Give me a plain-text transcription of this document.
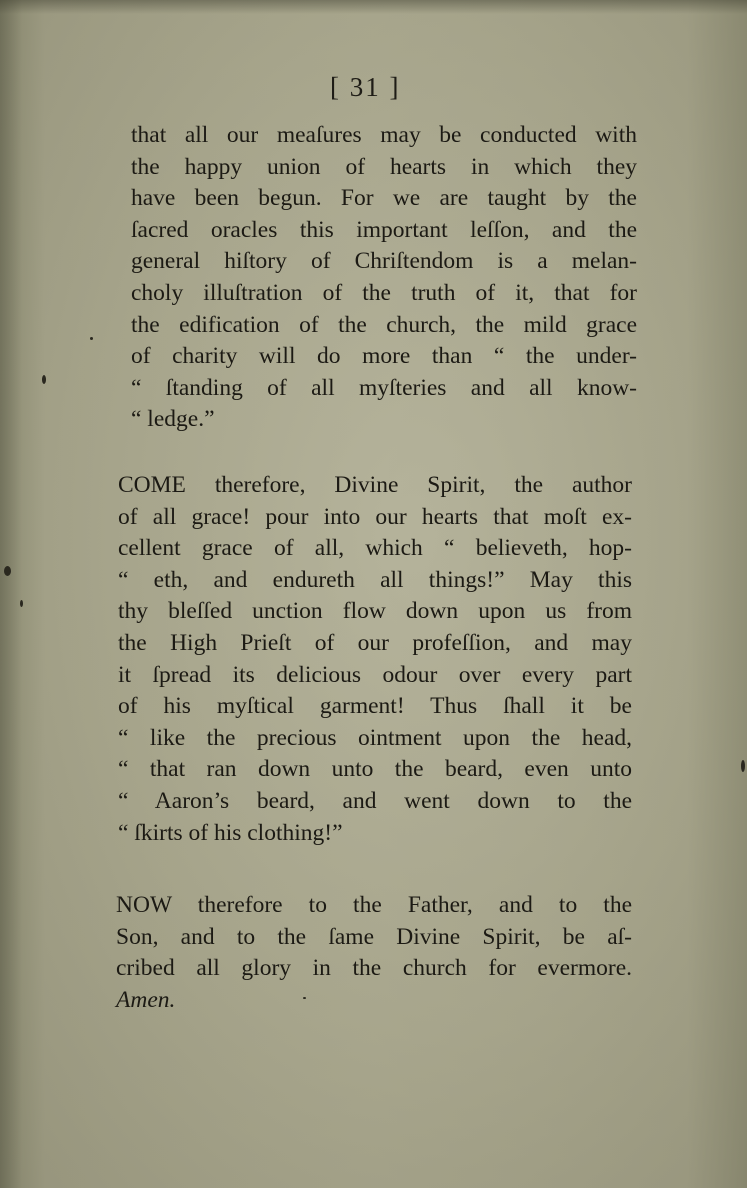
[ 31 ]
that all our meaſures may be conducted with
the happy union of hearts in which they
have been begun. For we are taught by the
ſacred oracles this important leſſon, and the
general hiſtory of Chriſtendom is a melan-
choly illuſtration of the truth of it, that for
the edification of the church, the mild grace
of charity will do more than “ the under-
“ ſtanding of all myſteries and all know-
“ ledge.”
COME therefore, Divine Spirit, the author
of all grace! pour into our hearts that moſt ex-
cellent grace of all, which “ believeth, hop-
“ eth, and endureth all things!” May this
thy bleſſed unction flow down upon us from
the High Prieſt of our profeſſion, and may
it ſpread its delicious odour over every part
of his myſtical garment! Thus ſhall it be
“ like the precious ointment upon the head,
“ that ran down unto the beard, even unto
“ Aaron’s beard, and went down to the
“ ſkirts of his clothing!”
NOW therefore to the Father, and to the
Son, and to the ſame Divine Spirit, be aſ-
cribed all glory in the church for evermore.
Amen.
